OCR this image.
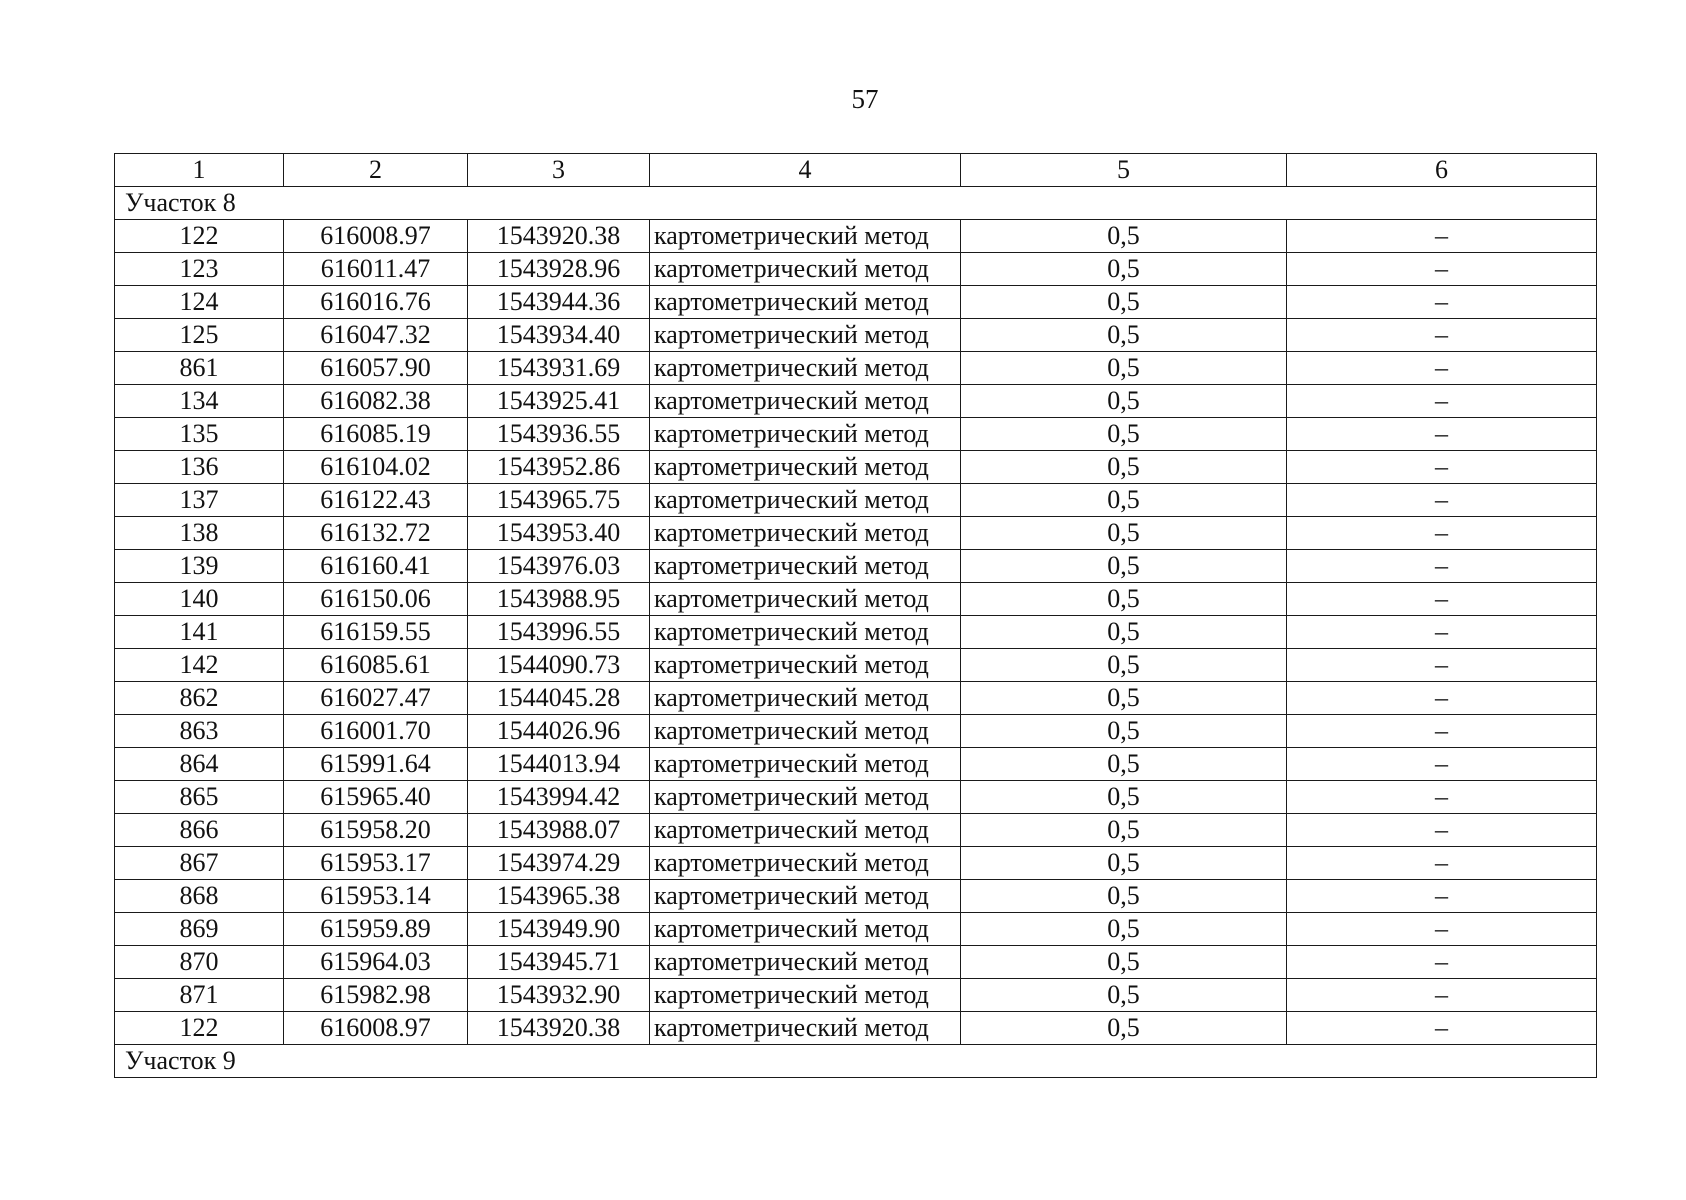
57
1	2	3	4	5	6
Участок 8					
122	616008.97	1543920.38	картометрический метод	0,5	–
123	616011.47	1543928.96	картометрический метод	0,5	–
124	616016.76	1543944.36	картометрический метод	0,5	–
125	616047.32	1543934.40	картометрический метод	0,5	–
861	616057.90	1543931.69	картометрический метод	0,5	–
134	616082.38	1543925.41	картометрический метод	0,5	–
135	616085.19	1543936.55	картометрический метод	0,5	–
136	616104.02	1543952.86	картометрический метод	0,5	–
137	616122.43	1543965.75	картометрический метод	0,5	–
138	616132.72	1543953.40	картометрический метод	0,5	–
139	616160.41	1543976.03	картометрический метод	0,5	–
140	616150.06	1543988.95	картометрический метод	0,5	–
141	616159.55	1543996.55	картометрический метод	0,5	–
142	616085.61	1544090.73	картометрический метод	0,5	–
862	616027.47	1544045.28	картометрический метод	0,5	–
863	616001.70	1544026.96	картометрический метод	0,5	–
864	615991.64	1544013.94	картометрический метод	0,5	–
865	615965.40	1543994.42	картометрический метод	0,5	–
866	615958.20	1543988.07	картометрический метод	0,5	–
867	615953.17	1543974.29	картометрический метод	0,5	–
868	615953.14	1543965.38	картометрический метод	0,5	–
869	615959.89	1543949.90	картометрический метод	0,5	–
870	615964.03	1543945.71	картометрический метод	0,5	–
871	615982.98	1543932.90	картометрический метод	0,5	–
122	616008.97	1543920.38	картометрический метод	0,5	–
Участок 9					
